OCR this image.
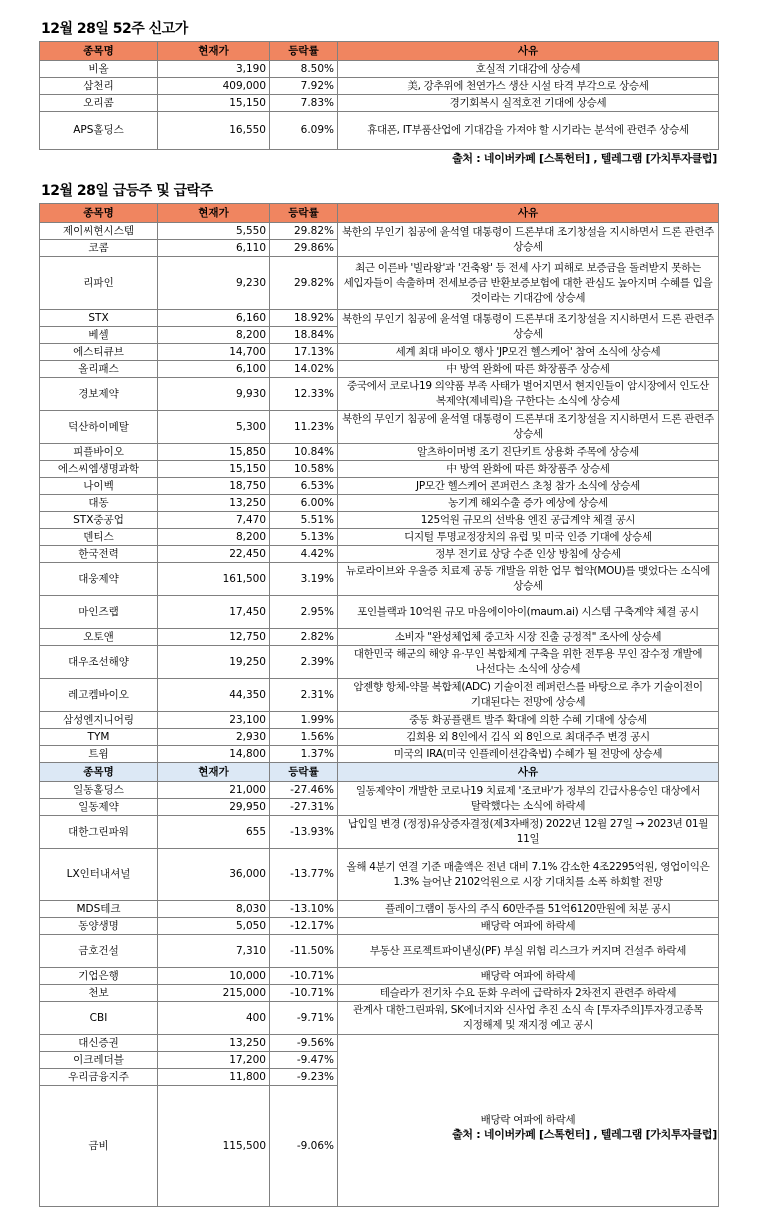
12월 28일 52주 신고가
종목명	현재가	등락률	사유
비올	3,190	8.50%	호실적 기대감에 상승세
삼천리	409,000	7.92%	美, 강추위에 천연가스 생산 시설 타격 부각으로 상승세
오리콤	15,150	7.83%	경기회복시 실적호전 기대에 상승세
APS홀딩스	16,550	6.09%	휴대폰, IT부품산업에 기대감을 가져야 할 시기라는 분석에 관련주 상승세
출처 : 네이버카페 [스톡헌터] , 텔레그램 [가치투자클럽]
12월 28일 급등주 및 급락주
종목명	현재가	등락률	사유	
제이씨현시스템	5,550	29.82%	북한의 무인기 침공에 윤석열 대통령이 드론부대 조기창설을 지시하면서 드론 관련주 상승세	
코콤	6,110	29.86%		
리파인	9,230	29.82%	최근 이른바 '빌라왕'과 '건축왕' 등 전세 사기 피해로 보증금을 돌려받지 못하는 세입자들이 속출하며 전세보증금 반환보증보험에 대한 관심도 높아지며 수혜를 입을 것이라는 기대감에 상승세	
STX	6,160	18.92%	북한의 무인기 침공에 윤석열 대통령이 드론부대 조기창설을 지시하면서 드론 관련주 상승세	
베셀	8,200	18.84%		
에스티큐브	14,700	17.13%	세계 최대 바이오 행사 'JP모건 헬스케어' 참여 소식에 상승세	
올리패스	6,100	14.02%	中 방역 완화에 따른 화장품주 상승세	
경보제약	9,930	12.33%	중국에서 코로나19 의약품 부족 사태가 벌어지면서 현지인들이 암시장에서 인도산 복제약(제네릭)을 구한다는 소식에 상승세	
덕산하이메탈	5,300	11.23%	북한의 무인기 침공에 윤석열 대통령이 드론부대 조기창설을 지시하면서 드론 관련주 상승세	
피플바이오	15,850	10.84%	알츠하이머병 조기 진단키트 상용화 주목에 상승세	
에스씨엠생명과학	15,150	10.58%	中 방역 완화에 따른 화장품주 상승세	
나이벡	18,750	6.53%	JP모간 헬스케어 콘퍼런스 초청 참가 소식에 상승세	
대동	13,250	6.00%	농기계 해외수출 증가 예상에 상승세	
STX중공업	7,470	5.51%	125억원 규모의 선박용 엔진 공급계약 체결 공시	
덴티스	8,200	5.13%	디지털 투명교정장치의 유럽 및 미국 인증 기대에 상승세	
한국전력	22,450	4.42%	정부 전기료 상당 수준 인상 방침에 상승세	
대웅제약	161,500	3.19%	뉴로라이브와 우울증 치료제 공동 개발을 위한 업무 협약(MOU)를 맺었다는 소식에 상승세	
마인즈랩	17,450	2.95%	포인블랙과 10억원 규모 마음에이아이(maum.ai) 시스템 구축계약 체결 공시	
오토앤	12,750	2.82%	소비자 "완성체업체 중고차 시장 진출 긍정적" 조사에 상승세	
대우조선해양	19,250	2.39%	대한민국 해군의 해양 유·무인 복합체계 구축을 위한 전투용 무인 잠수정 개발에 나선다는 소식에 상승세	
레고켐바이오	44,350	2.31%	암젠향 항체-약물 복합체(ADC) 기술이전 레퍼런스를 바탕으로 추가 기술이전이 기대된다는 전망에 상승세	
삼성엔지니어링	23,100	1.99%	중동 화공플랜트 발주 확대에 의한 수혜 기대에 상승세	
TYM	2,930	1.56%	김희용 외 8인에서 김식 외 8인으로 최대주주 변경 공시	
트윔	14,800	1.37%	미국의 IRA(미국 인플레이션감축법) 수혜가 될 전망에 상승세	
종목명	현재가	등락률	사유	
일동홀딩스	21,000	-27.46%	일동제약이 개발한 코로나19 치료제 '조코바'가 정부의 긴급사용승인 대상에서 탈락했다는 소식에 하락세	
일동제약	29,950	-27.31%		
대한그린파워	655	-13.93%	납입일 변경 (정정)유상증자결정(제3자배정) 2022년 12월 27일 → 2023년 01월 11일	
LX인터내셔널	36,000	-13.77%	올해 4분기 연결 기준 매출액은 전년 대비 7.1% 감소한 4조2295억원, 영업이익은 1.3% 늘어난 2102억원으로 시장 기대치를 소폭 하회할 전망	
MDS테크	8,030	-13.10%	플레이그램이 동사의 주식 60만주를 51억6120만원에 처분 공시	
동양생명	5,050	-12.17%	배당락 여파에 하락세	
금호건설	7,310	-11.50%	부동산 프로젝트파이낸싱(PF) 부실 위험 리스크가 커지며 건설주 하락세	
기업은행	10,000	-10.71%	배당락 여파에 하락세	
천보	215,000	-10.71%	테슬라가 전기차 수요 둔화 우려에 급락하자 2차전지 관련주 하락세	
CBI	400	-9.71%	관계사 대한그린파워, SK에너지와 신사업 추진 소식 속 [투자주의]투자경고종목 지정해제 및 재지정 예고 공시	
대신증권	13,250	-9.56%	배당락 여파에 하락세	
이크레더블	17,200	-9.47%		
우리금융지주	11,800	-9.23%		
금비	115,500	-9.06%	
출처 : 네이버카페 [스톡헌터] , 텔레그램 [가치투자클럽]
